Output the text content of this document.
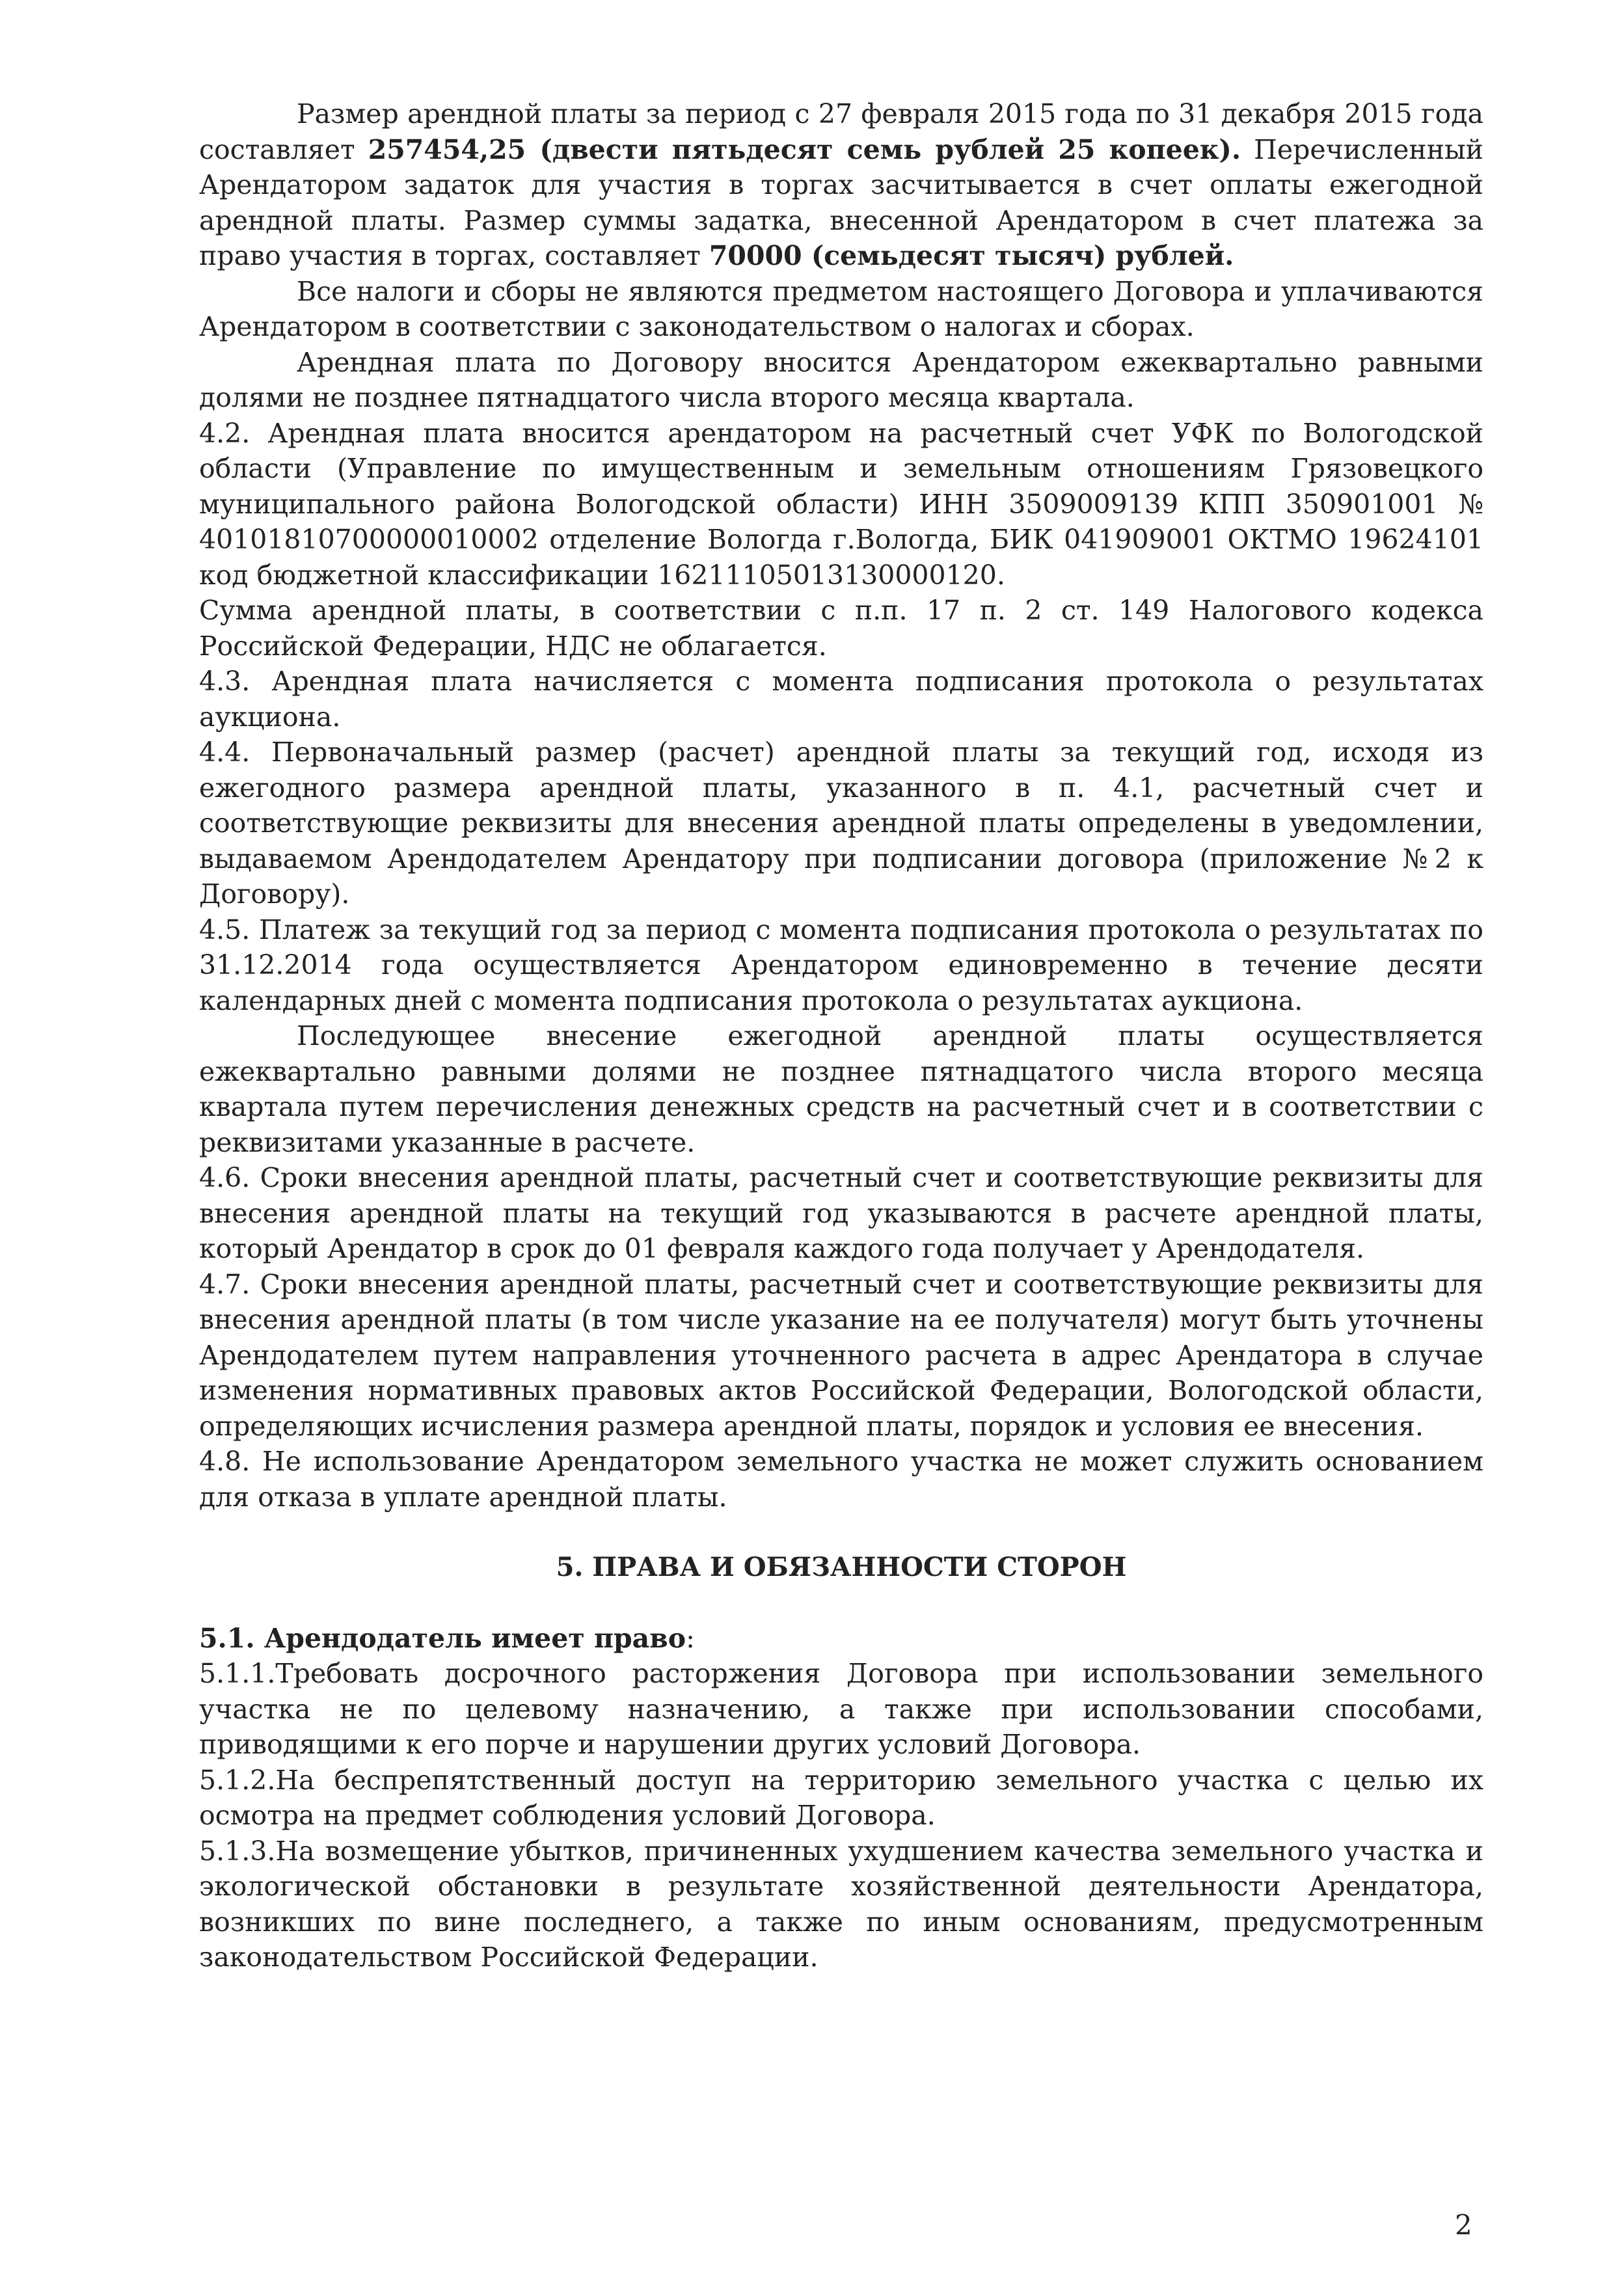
Размер арендной платы за период с 27 февраля 2015 года по 31 декабря 2015 года составляет 257454,25 (двести пятьдесят семь рублей 25 копеек). Перечисленный Арендатором задаток для участия в торгах засчитывается в счет оплаты ежегодной арендной платы. Размер суммы задатка, внесенной Арендатором в счет платежа за право участия в торгах, составляет 70000 (семьдесят тысяч) рублей.

Все налоги и сборы не являются предметом настоящего Договора и уплачиваются Арендатором в соответствии с законодательством о налогах и сборах.

Арендная плата по Договору вносится Арендатором ежеквартально равными долями не позднее пятнадцатого числа второго месяца квартала.

4.2. Арендная плата вносится арендатором на расчетный счет УФК по Вологодской области (Управление по имущественным и земельным отношениям Грязовецкого муниципального района Вологодской области) ИНН 3509009139 КПП 350901001 № 40101810700000010002 отделение Вологда г.Вологда, БИК 041909001 ОКТМО 19624101 код бюджетной классификации 16211105013130000120.

Сумма арендной платы, в соответствии с п.п. 17 п. 2 ст. 149 Налогового кодекса Российской Федерации, НДС не облагается.

4.3. Арендная плата начисляется с момента подписания протокола о результатах аукциона.

4.4. Первоначальный размер (расчет) арендной платы за текущий год, исходя из ежегодного размера арендной платы, указанного в п. 4.1, расчетный счет и соответствующие реквизиты для внесения арендной платы определены в уведомлении, выдаваемом Арендодателем Арендатору при подписании договора (приложение №2 к Договору).

4.5. Платеж за текущий год за период с момента подписания протокола о результатах по 31.12.2014 года осуществляется Арендатором единовременно в течение десяти календарных дней с момента подписания протокола о результатах аукциона.

Последующее внесение ежегодной арендной платы осуществляется ежеквартально равными долями не позднее пятнадцатого числа второго месяца квартала путем перечисления денежных средств на расчетный счет и в соответствии с реквизитами указанные в расчете.

4.6. Сроки внесения арендной платы, расчетный счет и соответствующие реквизиты для внесения арендной платы на текущий год указываются в расчете арендной платы, который Арендатор в срок до 01 февраля каждого года получает у Арендодателя.

4.7. Сроки внесения арендной платы, расчетный счет и соответствующие реквизиты для внесения арендной платы (в том числе указание на ее получателя) могут быть уточнены Арендодателем путем направления уточненного расчета в адрес Арендатора в случае изменения нормативных правовых актов Российской Федерации, Вологодской области, определяющих исчисления размера арендной платы, порядок и условия ее внесения.

4.8. Не использование Арендатором земельного участка не может служить основанием для отказа в уплате арендной платы.

5. ПРАВА И ОБЯЗАННОСТИ СТОРОН

5.1. Арендодатель имеет право:

5.1.1.Требовать досрочного расторжения Договора при использовании земельного участка не по целевому назначению, а также при использовании способами, приводящими к его порче и нарушении других условий Договора.

5.1.2.На беспрепятственный доступ на территорию земельного участка с целью их осмотра на предмет соблюдения условий Договора.

5.1.3.На возмещение убытков, причиненных ухудшением качества земельного участка и экологической обстановки в результате хозяйственной деятельности Арендатора, возникших по вине последнего, а также по иным основаниям, предусмотренным законодательством Российской Федерации.

2
